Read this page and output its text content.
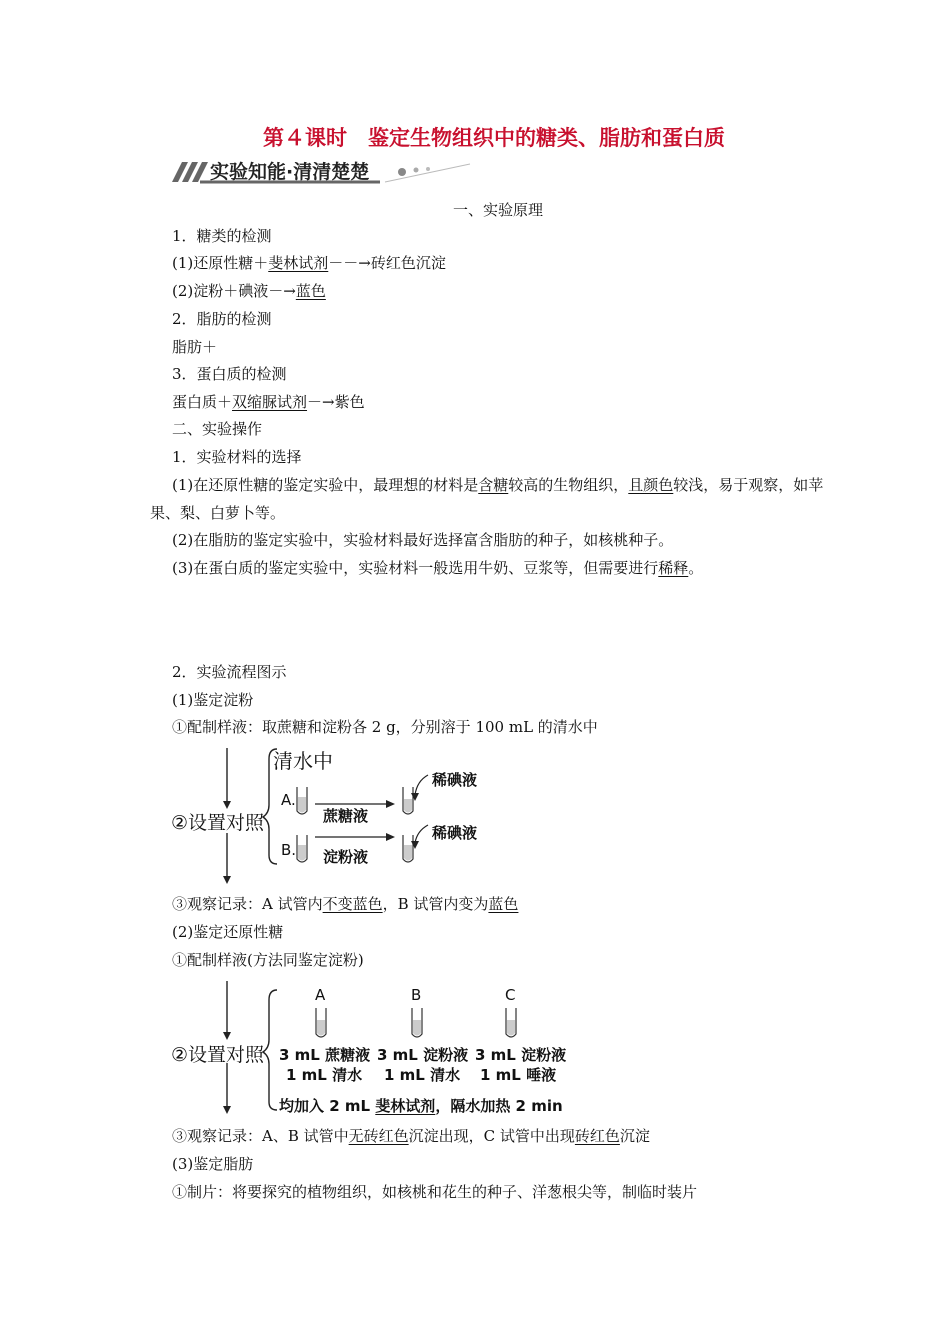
第４课时　鉴定生物组织中的糖类、脂肪和蛋白质
实验知能·清清楚楚
一、实验原理
1．糖类的检测
(1)还原性糖＋斐林试剂－－→砖红色沉淀
(2)淀粉＋碘液－→蓝色
2．脂肪的检测
脂肪＋
3．蛋白质的检测
蛋白质＋双缩脲试剂－→紫色
二、实验操作
1．实验材料的选择
(1)在还原性糖的鉴定实验中，最理想的材料是含糖较高的生物组织，且颜色较浅，易于观察，如苹果、梨、白萝卜等。
(2)在脂肪的鉴定实验中，实验材料最好选择富含脂肪的种子，如核桃种子。
(3)在蛋白质的鉴定实验中，实验材料一般选用牛奶、豆浆等，但需要进行稀释。
2．实验流程图示
(1)鉴定淀粉
①配制样液：取蔗糖和淀粉各 2 g，分别溶于 100 mL 的清水中
清水中
②设置对照
A.
蔗糖液
稀碘液
B. 淀粉液
稀碘液
③观察记录：A 试管内不变蓝色，B 试管内变为蓝色
(2)鉴定还原性糖
①配制样液(方法同鉴定淀粉)
②设置对照
A	B	C
3 mL 蔗糖液 3 mL 淀粉液 3 mL 淀粉液
1 mL 清水 1 mL 清水 1 mL 唾液
均加入 2 mL 斐林试剂，隔水加热 2 min
③观察记录：A、B 试管中无砖红色沉淀出现，C 试管中出现砖红色沉淀
(3)鉴定脂肪
①制片：将要探究的植物组织，如核桃和花生的种子、洋葱根尖等，制临时装片
